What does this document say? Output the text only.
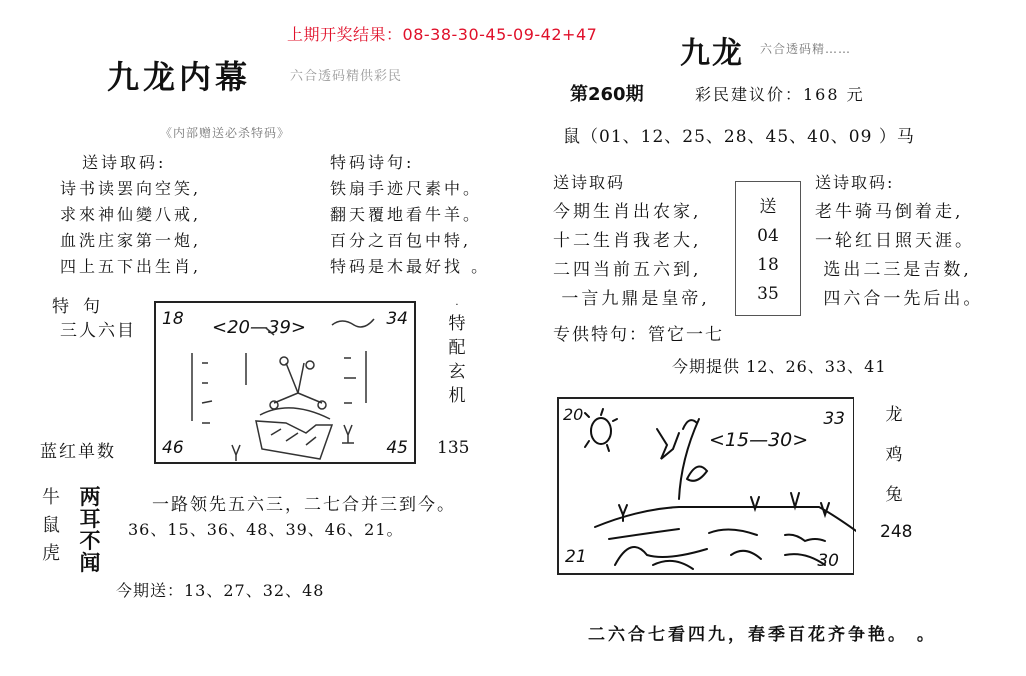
上期开奖结果：08-38-30-45-09-42+47
九龙内幕	六合透码精供彩民
《内部赠送必杀特码》
送诗取码:
诗书读罢向空笑,
求來神仙變八戒,
血洗庄家第一炮,
四上五下出生肖,
特码诗句:
铁扇手迹尺素中。
翻天覆地看牛羊。
百分之百包中特,
特码是木最好找 。
特句
三人六目
蓝红单数
18	34
46	45
<20—39>
·
特配玄机
135
牛
鼠
虎
两
耳
不
闻
一路领先五六三，二七合并三到今。
36、15、36、48、39、46、21。
今期送：13、27、32、48
九龙 六合透码精……
第260期	彩民建议价：168 元
鼠（01、12、25、28、45、40、09 ）马
送诗取码
今期生肖出农家,
十二生肖我老大,
二四当前五六到,
一言九鼎是皇帝,
送
04
18
35
送诗取码:
老牛骑马倒着走,
一轮红日照天涯。
选出二三是吉数,
四六合一先后出。
专供特句：管它一七
今期提供 12、26、33、41
20	33
21	30
<15—30>
龙
鸡
兔
248
二六合七看四九，春季百花齐争艳。 。
